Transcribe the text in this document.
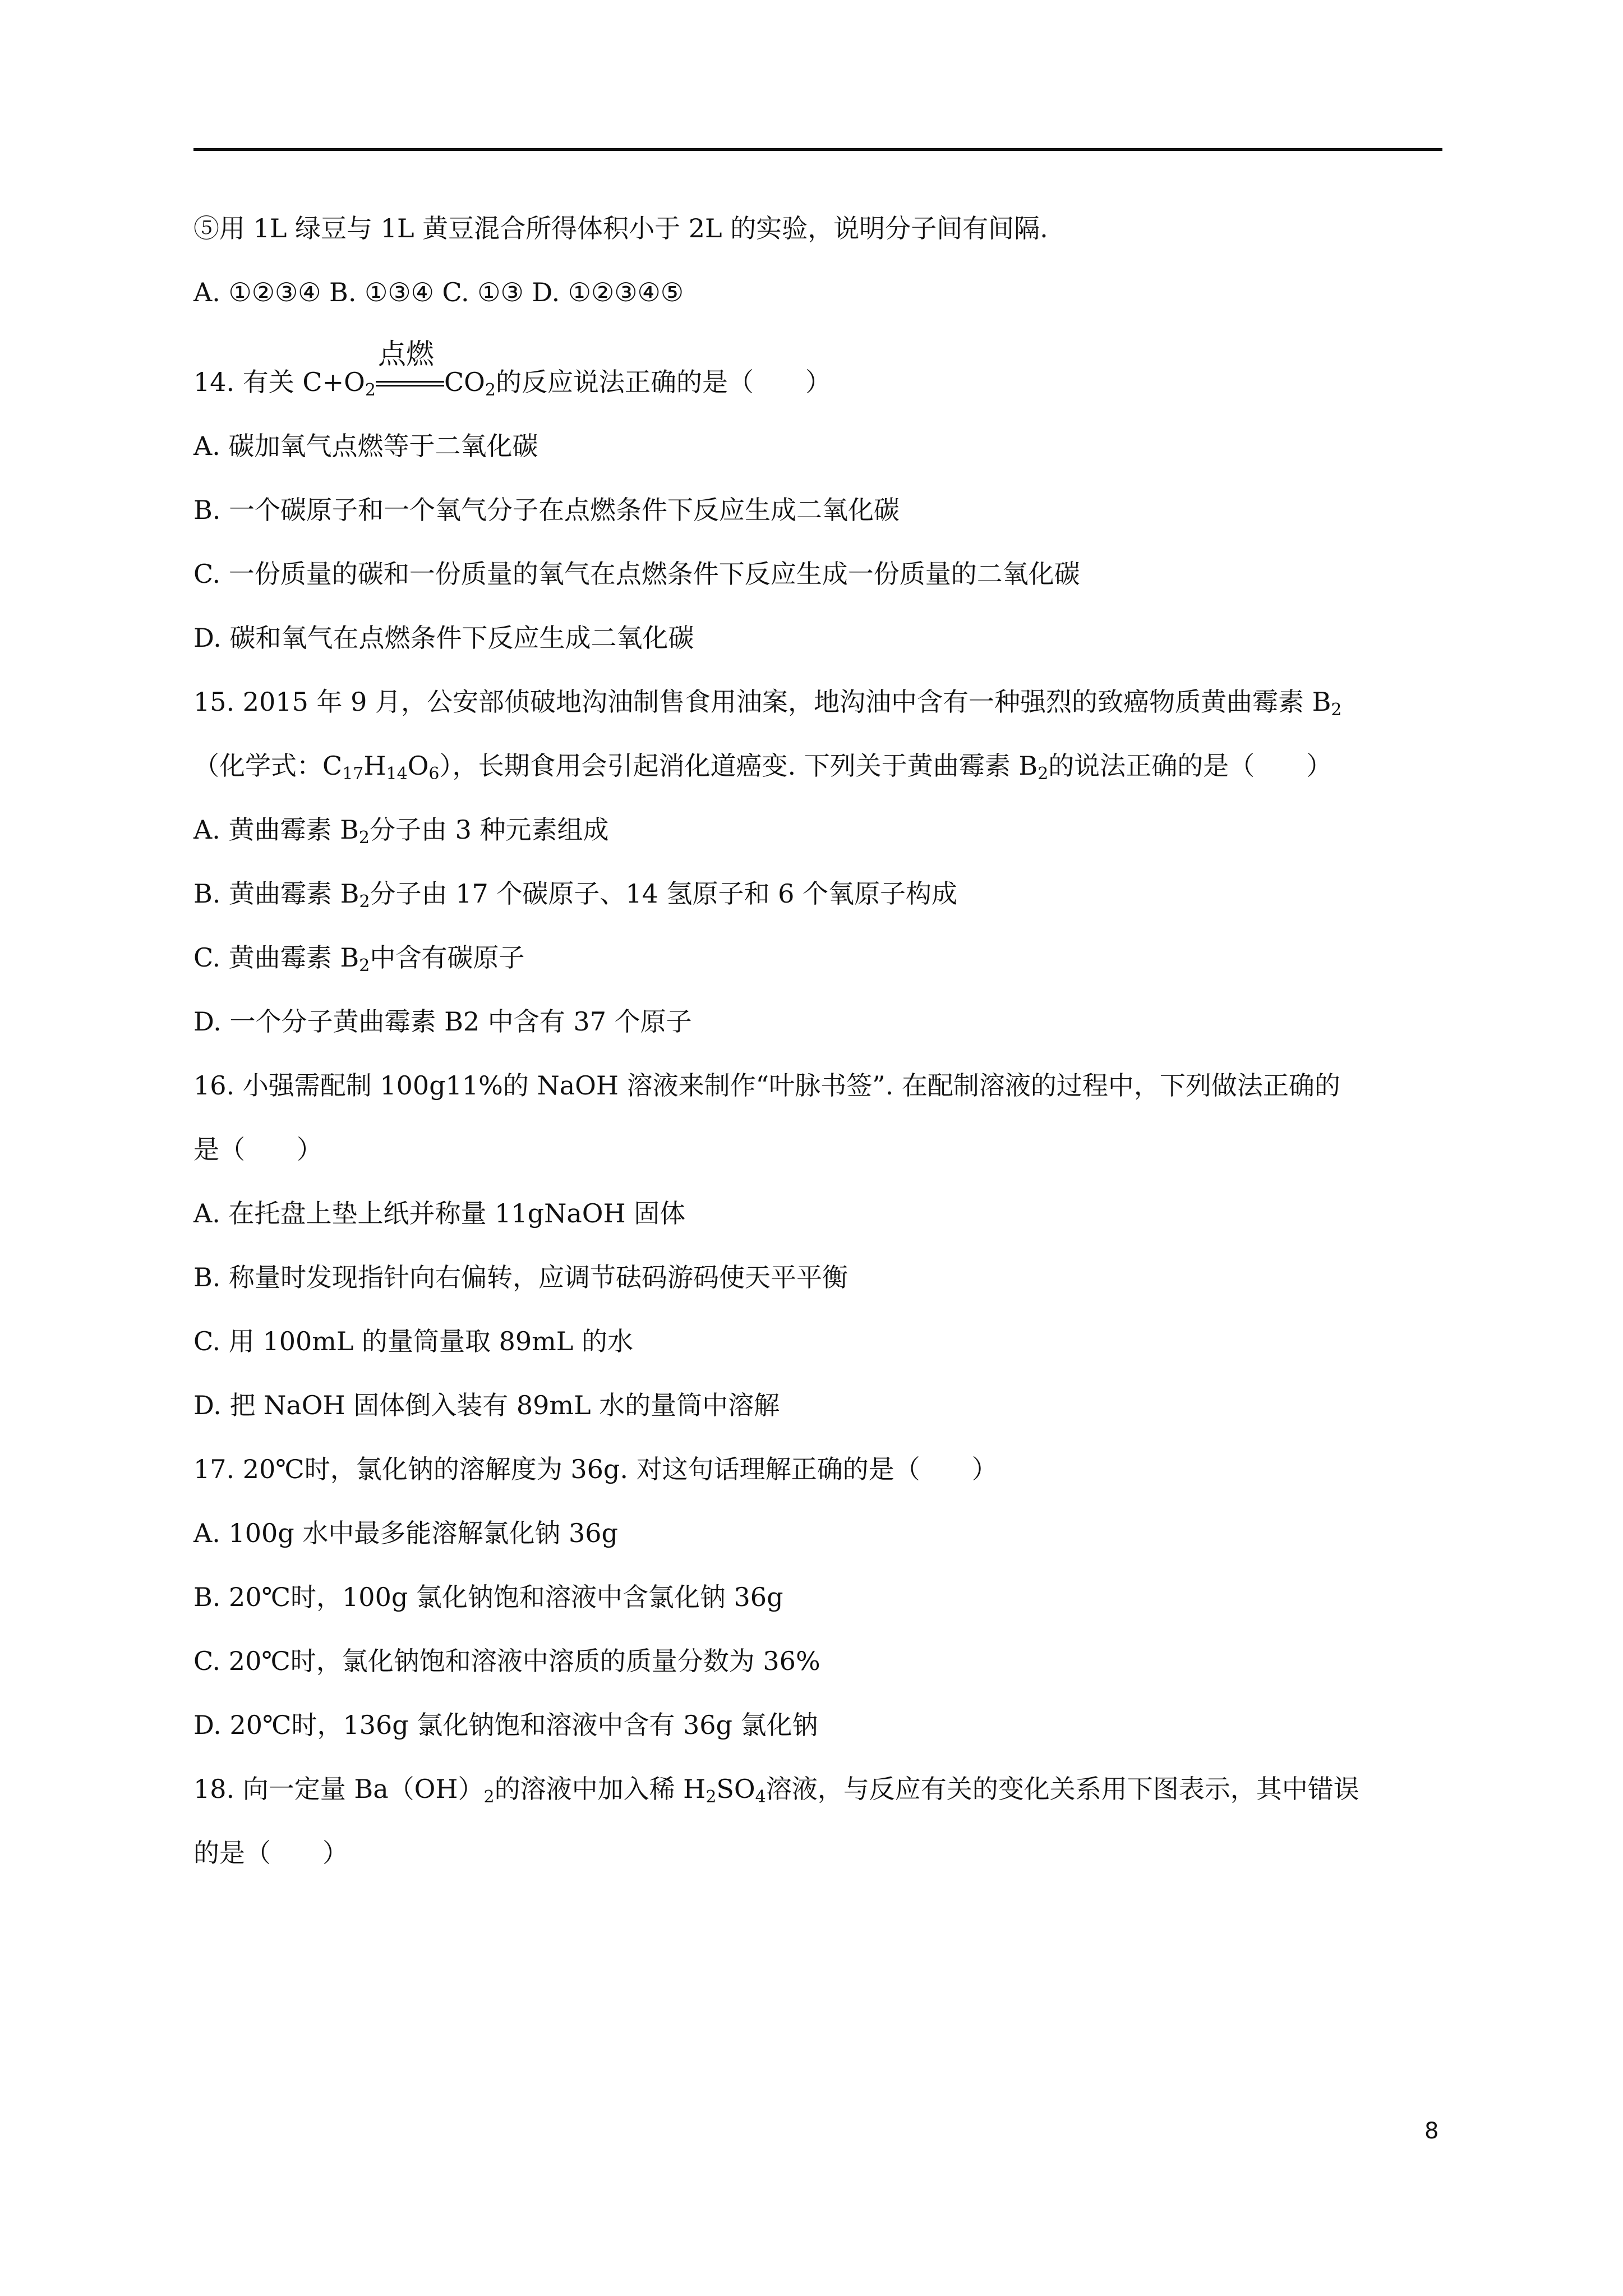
⑤用 1L 绿豆与 1L 黄豆混合所得体积小于 2L 的实验，说明分子间有间隔.
A. ①②③④ B. ①③④ C. ①③ D. ①②③④⑤
14. 有关 $C+O_2$
点燃
$CO_2$的反应说法正确的是（　　）
A. 碳加氧气点燃等于二氧化碳
B. 一个碳原子和一个氧气分子在点燃条件下反应生成二氧化碳
C. 一份质量的碳和一份质量的氧气在点燃条件下反应生成一份质量的二氧化碳
D. 碳和氧气在点燃条件下反应生成二氧化碳
15. 2015 年 9 月，公安部侦破地沟油制售食用油案，地沟油中含有一种强烈的致癌物质黄曲霉素 $B_2$
（化学式：$C_{17}H_{14}O_6$），长期食用会引起消化道癌变. 下列关于黄曲霉素 $B_2$的说法正确的是（　　）
A. 黄曲霉素 $B_2$分子由 3 种元素组成
B. 黄曲霉素 $B_2$分子由 17 个碳原子、14 氢原子和 6 个氧原子构成
C. 黄曲霉素 $B_2$中含有碳原子
D. 一个分子黄曲霉素 B2 中含有 37 个原子
16. 小强需配制 100g11%的 NaOH 溶液来制作“叶脉书签”. 在配制溶液的过程中，下列做法正确的
是（　　）
A. 在托盘上垫上纸并称量 11gNaOH 固体
B. 称量时发现指针向右偏转，应调节砝码游码使天平平衡
C. 用 100mL 的量筒量取 89mL 的水
D. 把 NaOH 固体倒入装有 89mL 水的量筒中溶解
17. 20℃时，氯化钠的溶解度为 36g. 对这句话理解正确的是（　　）
A. 100g 水中最多能溶解氯化钠 36g
B. 20℃时，100g 氯化钠饱和溶液中含氯化钠 36g
C. 20℃时，氯化钠饱和溶液中溶质的质量分数为 36%
D. 20℃时，136g 氯化钠饱和溶液中含有 36g 氯化钠
18. 向一定量 $Ba(OH)_2$的溶液中加入稀 $H_2SO_4$溶液，与反应有关的变化关系用下图表示，其中错误
的是（　　）
8
